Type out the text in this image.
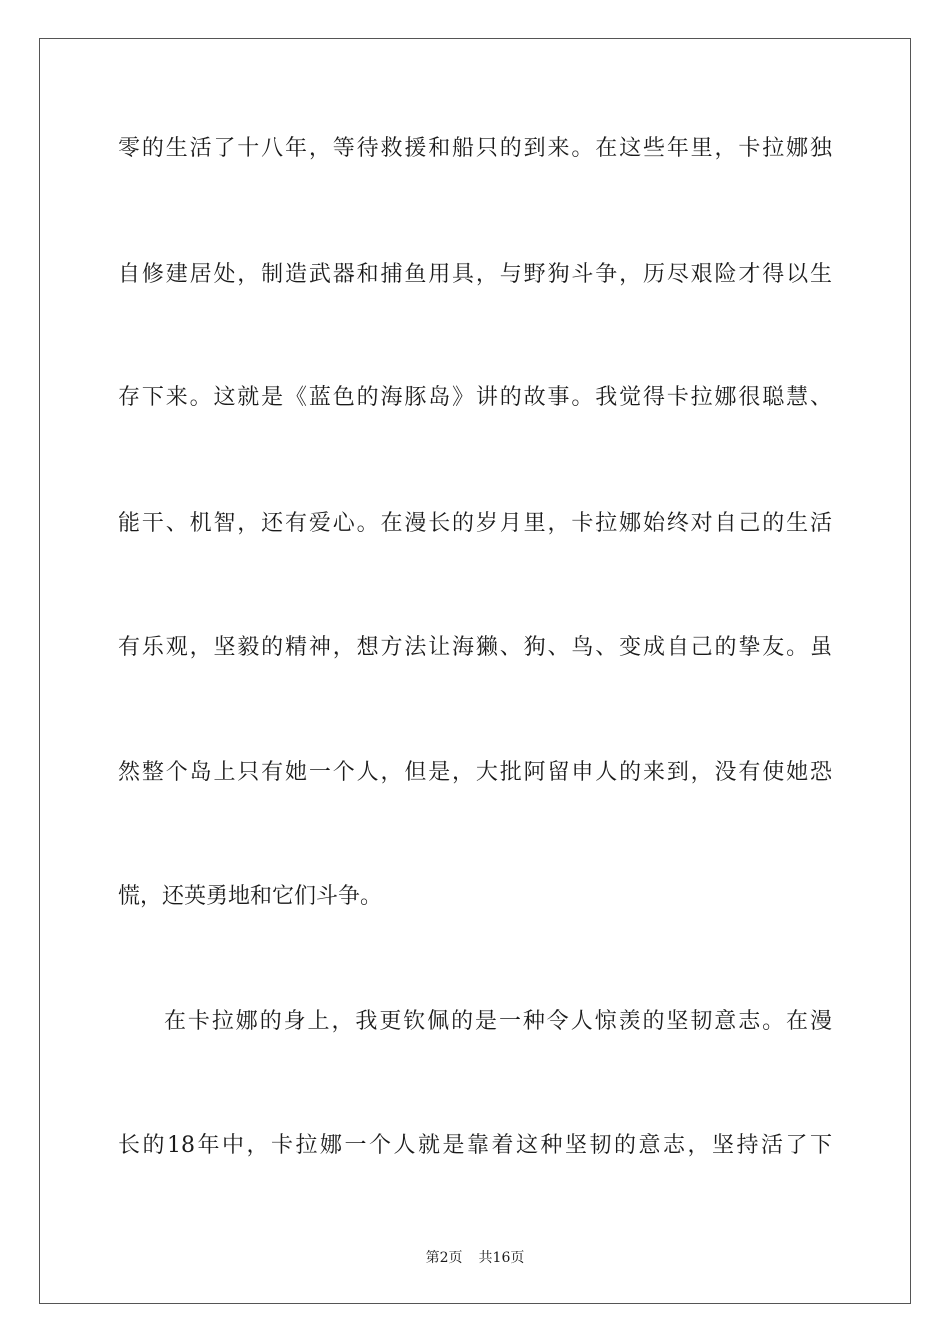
零的生活了十八年，等待救援和船只的到来。在这些年里，卡拉娜独

自修建居处，制造武器和捕鱼用具，与野狗斗争，历尽艰险才得以生

存下来。这就是《蓝色的海豚岛》讲的故事。我觉得卡拉娜很聪慧、

能干、机智，还有爱心。在漫长的岁月里，卡拉娜始终对自己的生活

有乐观，坚毅的精神，想方法让海獭、狗、鸟、变成自己的挚友。虽

然整个岛上只有她一个人，但是，大批阿留申人的来到，没有使她恐

慌，还英勇地和它们斗争。

在卡拉娜的身上，我更钦佩的是一种令人惊羡的坚韧意志。在漫

长的18年中，卡拉娜一个人就是靠着这种坚韧的意志，坚持活了下

第2页 共16页
